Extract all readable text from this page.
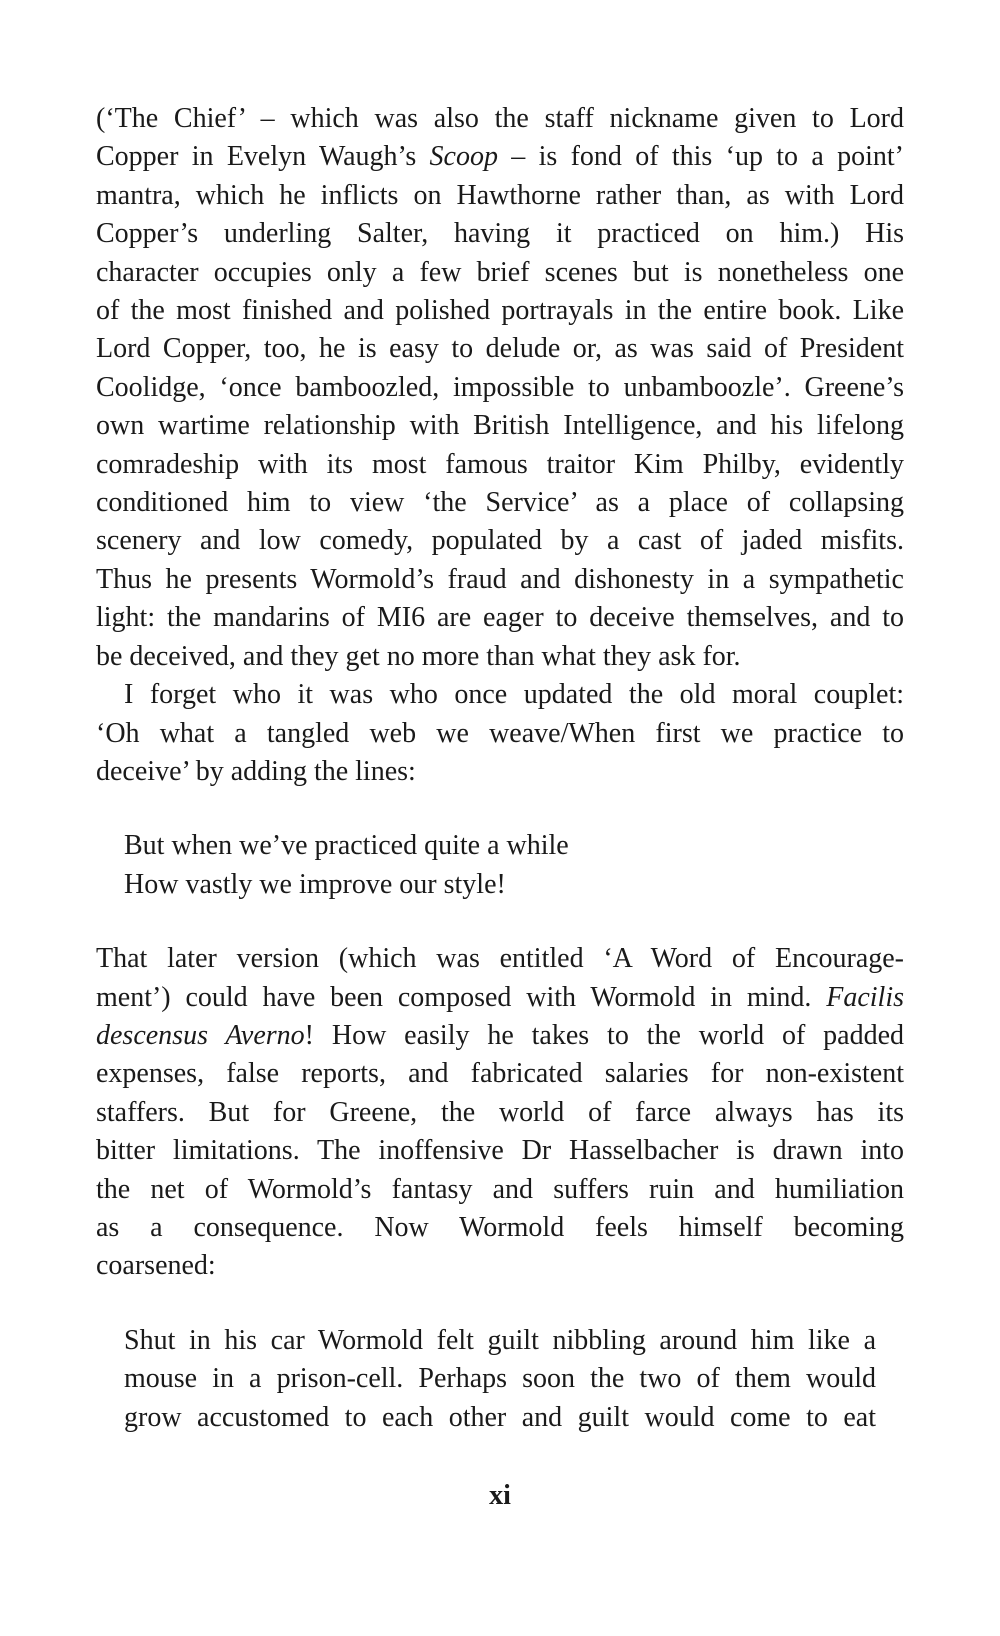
(‘The Chief’ – which was also the staff nickname given to Lord
Copper in Evelyn Waugh’s Scoop – is fond of this ‘up to a point’
mantra, which he inflicts on Hawthorne rather than, as with Lord
Copper’s underling Salter, having it practiced on him.) His
character occupies only a few brief scenes but is nonetheless one
of the most finished and polished portrayals in the entire book. Like
Lord Copper, too, he is easy to delude or, as was said of President
Coolidge, ‘once bamboozled, impossible to unbamboozle’. Greene’s
own wartime relationship with British Intelligence, and his lifelong
comradeship with its most famous traitor Kim Philby, evidently
conditioned him to view ‘the Service’ as a place of collapsing
scenery and low comedy, populated by a cast of jaded misfits.
Thus he presents Wormold’s fraud and dishonesty in a sympathetic
light: the mandarins of MI6 are eager to deceive themselves, and to
be deceived, and they get no more than what they ask for.

I forget who it was who once updated the old moral couplet:
‘Oh what a tangled web we weave/When first we practice to
deceive’ by adding the lines:

But when we’ve practiced quite a while
How vastly we improve our style!

That later version (which was entitled ‘A Word of Encourage-
ment’) could have been composed with Wormold in mind. Facilis
descensus Averno! How easily he takes to the world of padded
expenses, false reports, and fabricated salaries for non-existent
staffers. But for Greene, the world of farce always has its
bitter limitations. The inoffensive Dr Hasselbacher is drawn into
the net of Wormold’s fantasy and suffers ruin and humiliation
as a consequence. Now Wormold feels himself becoming
coarsened:

Shut in his car Wormold felt guilt nibbling around him like a
mouse in a prison-cell. Perhaps soon the two of them would
grow accustomed to each other and guilt would come to eat
xi
